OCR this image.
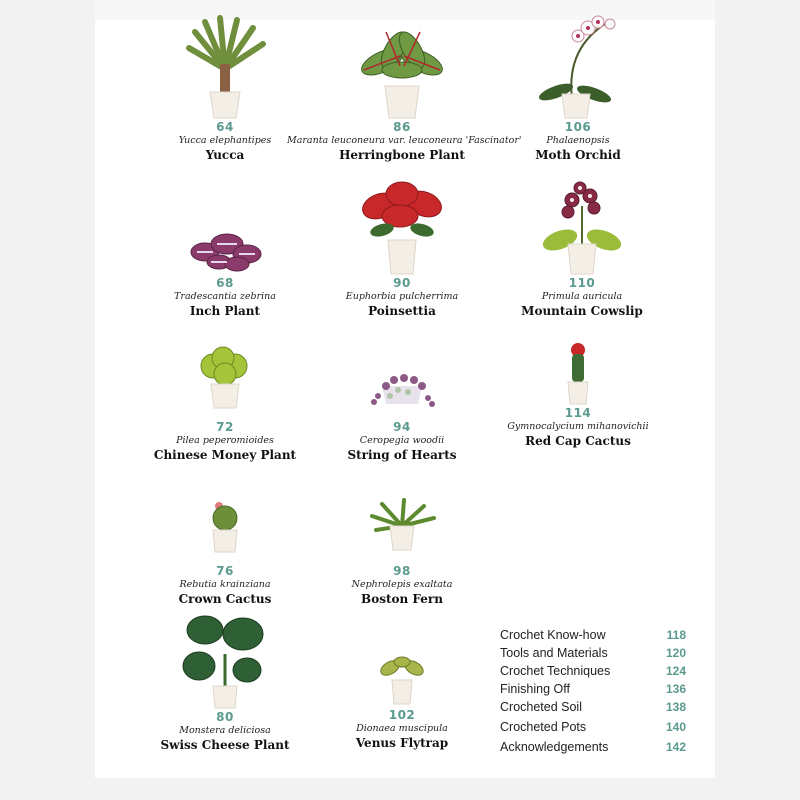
64
Yucca elephantipes
Yucca
86
Maranta leuconeura var. leuconeura 'Fascinator'
Herringbone Plant
106
Phalaenopsis
Moth Orchid
68
Tradescantia zebrina
Inch Plant
90
Euphorbia pulcherrima
Poinsettia
110
Primula auricula
Mountain Cowslip
72
Pilea peperomioides
Chinese Money Plant
94
Ceropegia woodii
String of Hearts
114
Gymnocalycium mihanovichii
Red Cap Cactus
76
Rebutia krainziana
Crown Cactus
98
Nephrolepis exaltata
Boston Fern
80
Monstera deliciosa
Swiss Cheese Plant
102
Dionaea muscipula
Venus Flytrap
Crochet Know-how	118
Tools and Materials	120
Crochet Techniques	124
Finishing Off	136
Crocheted Soil	138
Crocheted Pots	140
Acknowledgements	142
